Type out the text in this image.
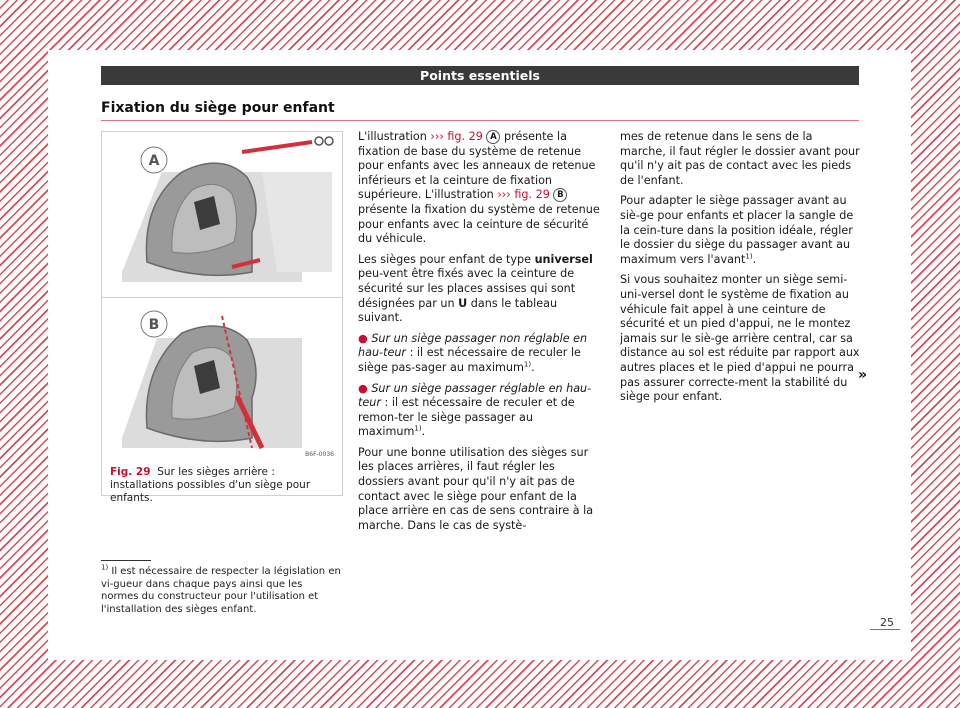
Points essentiels
Fixation du siège pour enfant
A
B
B6F-0036
Fig. 29 Sur les sièges arrière : installations possibles d'un siège pour enfants.

L'illustration ››› fig. 29 A présente la fixation de base du système de retenue pour enfants avec les anneaux de retenue inférieurs et la ceinture de fixation supérieure. L'illustration ››› fig. 29 B présente la fixation du système de retenue pour enfants avec la ceinture de sécurité du véhicule.

Les sièges pour enfant de type universel peu-vent être fixés avec la ceinture de sécurité sur les places assises qui sont désignées par un U dans le tableau suivant.

● Sur un siège passager non réglable en hau-teur : il est nécessaire de reculer le siège pas-sager au maximum$^{1)}$.

● Sur un siège passager réglable en hau-teur : il est nécessaire de reculer et de remon-ter le siège passager au maximum$^{1)}$.

Pour une bonne utilisation des sièges sur les places arrières, il faut régler les dossiers avant pour qu'il n'y ait pas de contact avec le siège pour enfant de la place arrière en cas de sens contraire à la marche. Dans le cas de systè-

mes de retenue dans le sens de la marche, il faut régler le dossier avant pour qu'il n'y ait pas de contact avec les pieds de l'enfant.

Pour adapter le siège passager avant au siè-ge pour enfants et placer la sangle de la cein-ture dans la position idéale, régler le dossier du siège du passager avant au maximum vers l'avant$^{1)}$.

Si vous souhaitez monter un siège semi-uni-versel dont le système de fixation au véhicule fait appel à une ceinture de sécurité et un pied d'appui, ne le montez jamais sur le siè-ge arrière central, car sa distance au sol est réduite par rapport aux autres places et le pied d'appui ne pourra pas assurer correcte-ment la stabilité du siège pour enfant.

»
$^{1)}$ Il est nécessaire de respecter la législation en vi-gueur dans chaque pays ainsi que les normes du constructeur pour l'utilisation et l'installation des sièges enfant.
25
